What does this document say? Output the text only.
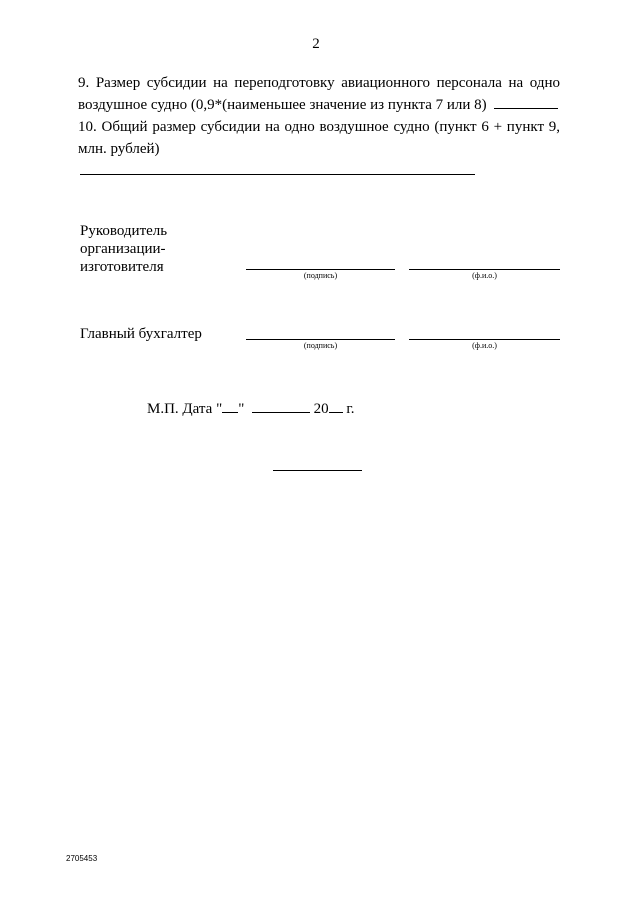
2
9. Размер субсидии на переподготовку авиационного персонала на одно
воздушное судно (0,9*(наименьшее значение из пункта 7 или 8)
10. Общий размер субсидии на одно воздушное судно (пункт 6 + пункт 9,
млн. рублей)
Руководитель
организации-
изготовителя
(подпись)	(ф.и.о.)
Главный бухгалтер
(подпись)	(ф.и.о.)
М.П. Дата " "	20 г.
2705453
